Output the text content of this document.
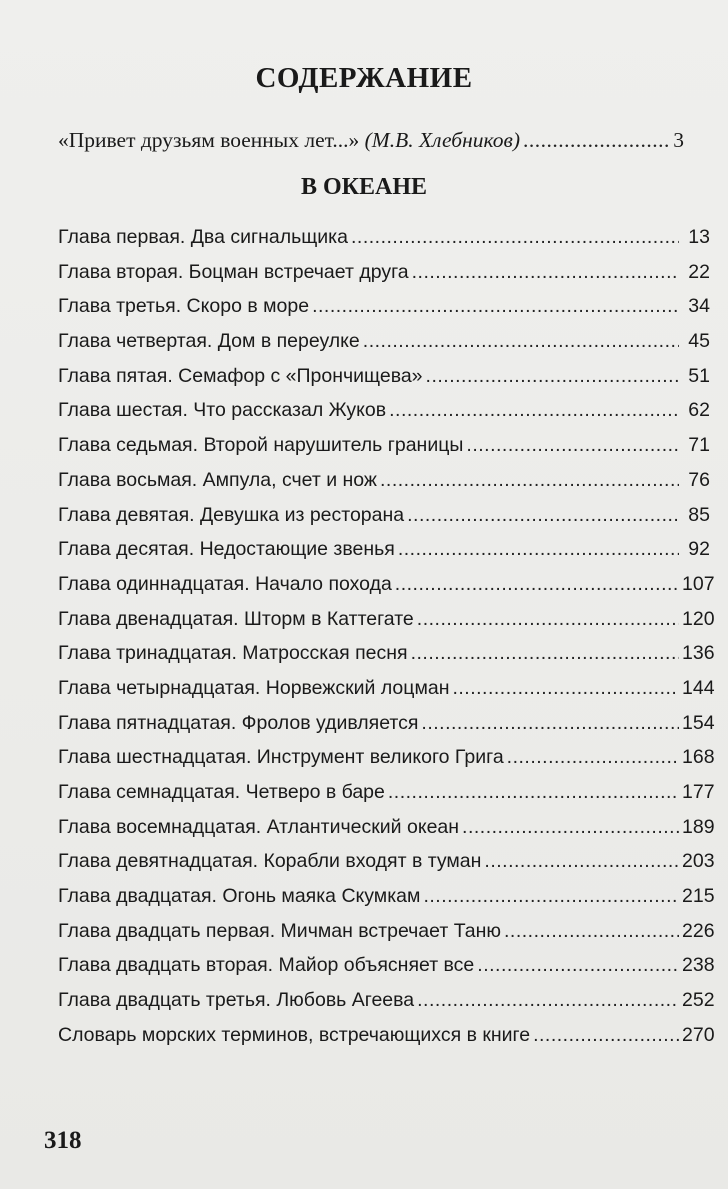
СОДЕРЖАНИЕ
«Привет друзьям военных лет...» (М.В. Хлебников) .....	3
В ОКЕАНЕ
Глава первая. Два сигнальщика .....	13
Глава вторая. Боцман встречает друга .....	22
Глава третья. Скоро в море .....	34
Глава четвертая. Дом в переулке .....	45
Глава пятая. Семафор с «Прончищева» .....	51
Глава шестая. Что рассказал Жуков .....	62
Глава седьмая. Второй нарушитель границы .....	71
Глава восьмая. Ампула, счет и нож .....	76
Глава девятая. Девушка из ресторана .....	85
Глава десятая. Недостающие звенья .....	92
Глава одиннадцатая. Начало похода .....	107
Глава двенадцатая. Шторм в Каттегате .....	120
Глава тринадцатая. Матросская песня .....	136
Глава четырнадцатая. Норвежский лоцман .....	144
Глава пятнадцатая. Фролов удивляется .....	154
Глава шестнадцатая. Инструмент великого Грига .....	168
Глава семнадцатая. Четверо в баре .....	177
Глава восемнадцатая. Атлантический океан .....	189
Глава девятнадцатая. Корабли входят в туман .....	203
Глава двадцатая. Огонь маяка Скумкам .....	215
Глава двадцать первая. Мичман встречает Таню .....	226
Глава двадцать вторая. Майор объясняет все .....	238
Глава двадцать третья. Любовь Агеева .....	252
Словарь морских терминов, встречающихся в книге .....	270
318
